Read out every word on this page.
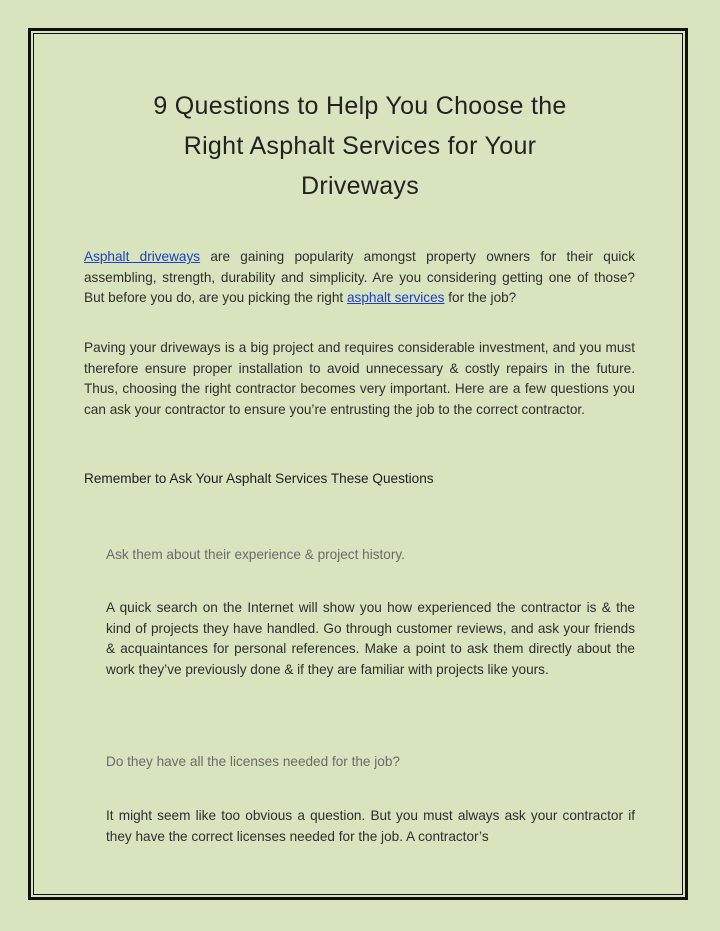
9 Questions to Help You Choose the
Right Asphalt Services for Your
Driveways

Asphalt driveways are gaining popularity amongst property owners for their quick assembling, strength, durability and simplicity. Are you considering getting one of those? But before you do, are you picking the right asphalt services for the job?

Paving your driveways is a big project and requires considerable investment, and you must therefore ensure proper installation to avoid unnecessary & costly repairs in the future. Thus, choosing the right contractor becomes very important. Here are a few questions you can ask your contractor to ensure you’re entrusting the job to the correct contractor.

Remember to Ask Your Asphalt Services These Questions

Ask them about their experience & project history.

A quick search on the Internet will show you how experienced the contractor is & the kind of projects they have handled. Go through customer reviews, and ask your friends & acquaintances for personal references. Make a point to ask them directly about the work they’ve previously done & if they are familiar with projects like yours.

Do they have all the licenses needed for the job?

It might seem like too obvious a question. But you must always ask your contractor if they have the correct licenses needed for the job. A contractor’s
